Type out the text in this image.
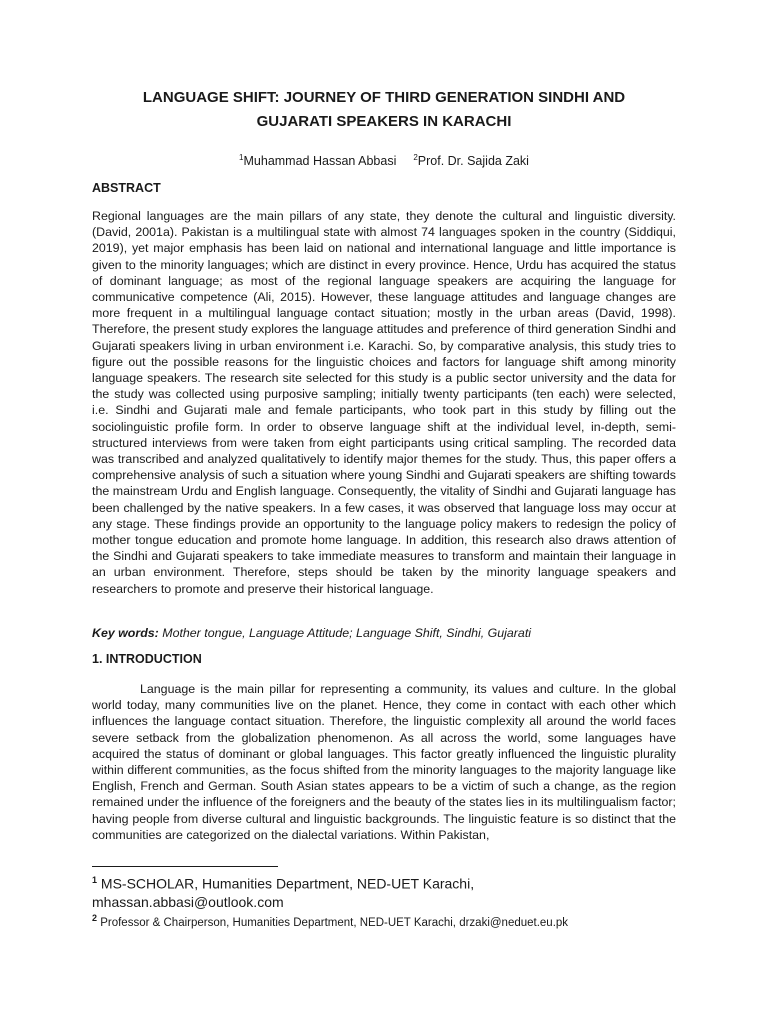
LANGUAGE SHIFT: JOURNEY OF THIRD GENERATION SINDHI AND
GUJARATI SPEAKERS IN KARACHI
$^1$Muhammad Hassan Abbasi $^2$Prof. Dr. Sajida Zaki
ABSTRACT

Regional languages are the main pillars of any state, they denote the cultural and linguistic diversity. (David, 2001a). Pakistan is a multilingual state with almost 74 languages spoken in the country (Siddiqui, 2019), yet major emphasis has been laid on national and international language and little importance is given to the minority languages; which are distinct in every province. Hence, Urdu has acquired the status of dominant language; as most of the regional language speakers are acquiring the language for communicative competence (Ali, 2015). However, these language attitudes and language changes are more frequent in a multilingual language contact situation; mostly in the urban areas (David, 1998). Therefore, the present study explores the language attitudes and preference of third generation Sindhi and Gujarati speakers living in urban environment i.e. Karachi. So, by comparative analysis, this study tries to figure out the possible reasons for the linguistic choices and factors for language shift among minority language speakers. The research site selected for this study is a public sector university and the data for the study was collected using purposive sampling; initially twenty participants (ten each) were selected, i.e. Sindhi and Gujarati male and female participants, who took part in this study by filling out the sociolinguistic profile form. In order to observe language shift at the individual level, in-depth, semi-structured interviews from were taken from eight participants using critical sampling. The recorded data was transcribed and analyzed qualitatively to identify major themes for the study. Thus, this paper offers a comprehensive analysis of such a situation where young Sindhi and Gujarati speakers are shifting towards the mainstream Urdu and English language. Consequently, the vitality of Sindhi and Gujarati language has been challenged by the native speakers. In a few cases, it was observed that language loss may occur at any stage. These findings provide an opportunity to the language policy makers to redesign the policy of mother tongue education and promote home language. In addition, this research also draws attention of the Sindhi and Gujarati speakers to take immediate measures to transform and maintain their language in an urban environment. Therefore, steps should be taken by the minority language speakers and researchers to promote and preserve their historical language.

Key words: Mother tongue, Language Attitude; Language Shift, Sindhi, Gujarati

1. INTRODUCTION

Language is the main pillar for representing a community, its values and culture. In the global world today, many communities live on the planet. Hence, they come in contact with each other which influences the language contact situation. Therefore, the linguistic complexity all around the world faces severe setback from the globalization phenomenon. As all across the world, some languages have acquired the status of dominant or global languages. This factor greatly influenced the linguistic plurality within different communities, as the focus shifted from the minority languages to the majority language like English, French and German. South Asian states appears to be a victim of such a change, as the region remained under the influence of the foreigners and the beauty of the states lies in its multilingualism factor; having people from diverse cultural and linguistic backgrounds. The linguistic feature is so distinct that the communities are categorized on the dialectal variations. Within Pakistan,

$^1$ MS-SCHOLAR, Humanities Department, NED-UET Karachi,
mhassan.abbasi@outlook.com

$^2$ Professor & Chairperson, Humanities Department, NED-UET Karachi, drzaki@neduet.eu.pk
